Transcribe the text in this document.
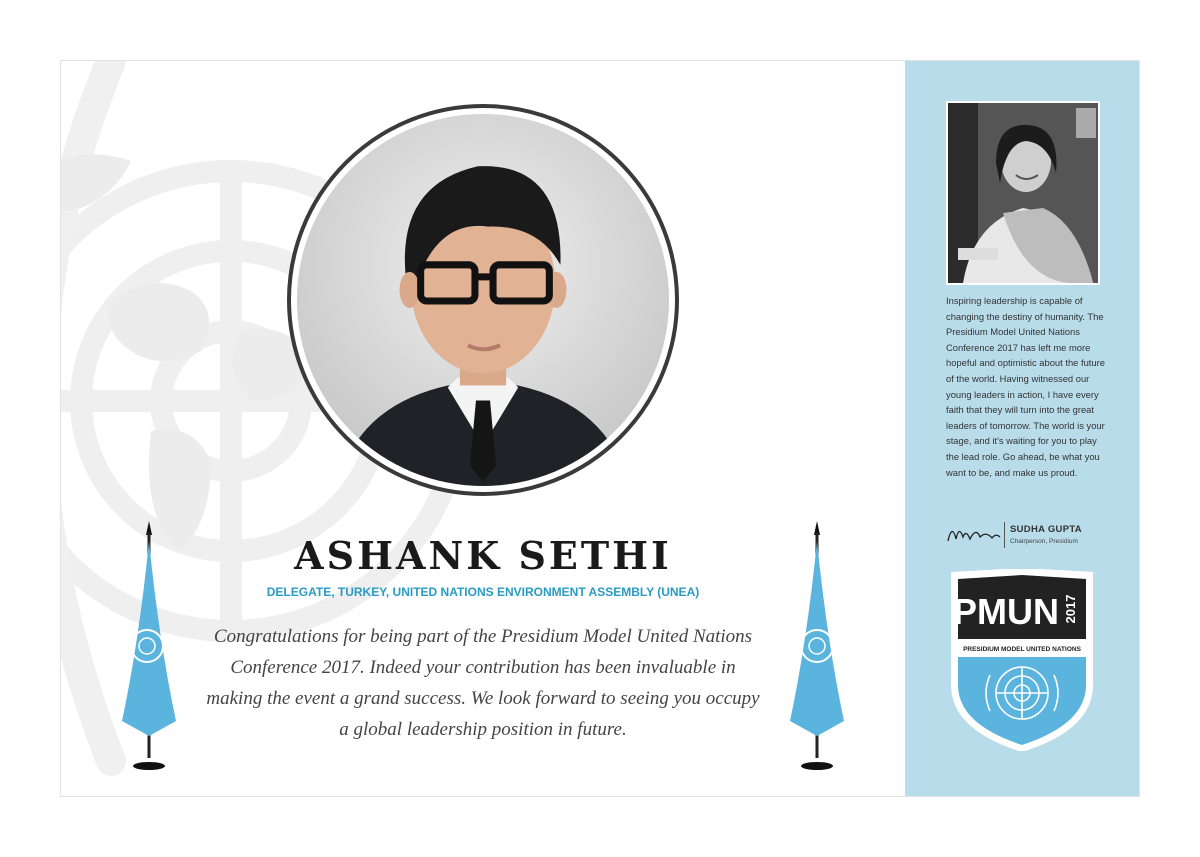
ASHANK SETHI

DELEGATE, TURKEY, UNITED NATIONS ENVIRONMENT ASSEMBLY (UNEA)

Congratulations for being part of the Presidium Model United Nations Conference 2017. Indeed your contribution has been invaluable in making the event a grand success. We look forward to seeing you occupy a global leadership position in future.

Inspiring leadership is capable of changing the destiny of humanity. The Presidium Model United Nations Conference 2017 has left me more hopeful and optimistic about the future of the world. Having witnessed our young leaders in action, I have every faith that they will turn into the great leaders of tomorrow. The world is your stage, and it's waiting for you to play the lead role. Go ahead, be what you want to be, and make us proud.

SUDHA GUPTA
Chairperson, Presidium
PMUN 2017
PRESIDIUM MODEL UNITED NATIONS
